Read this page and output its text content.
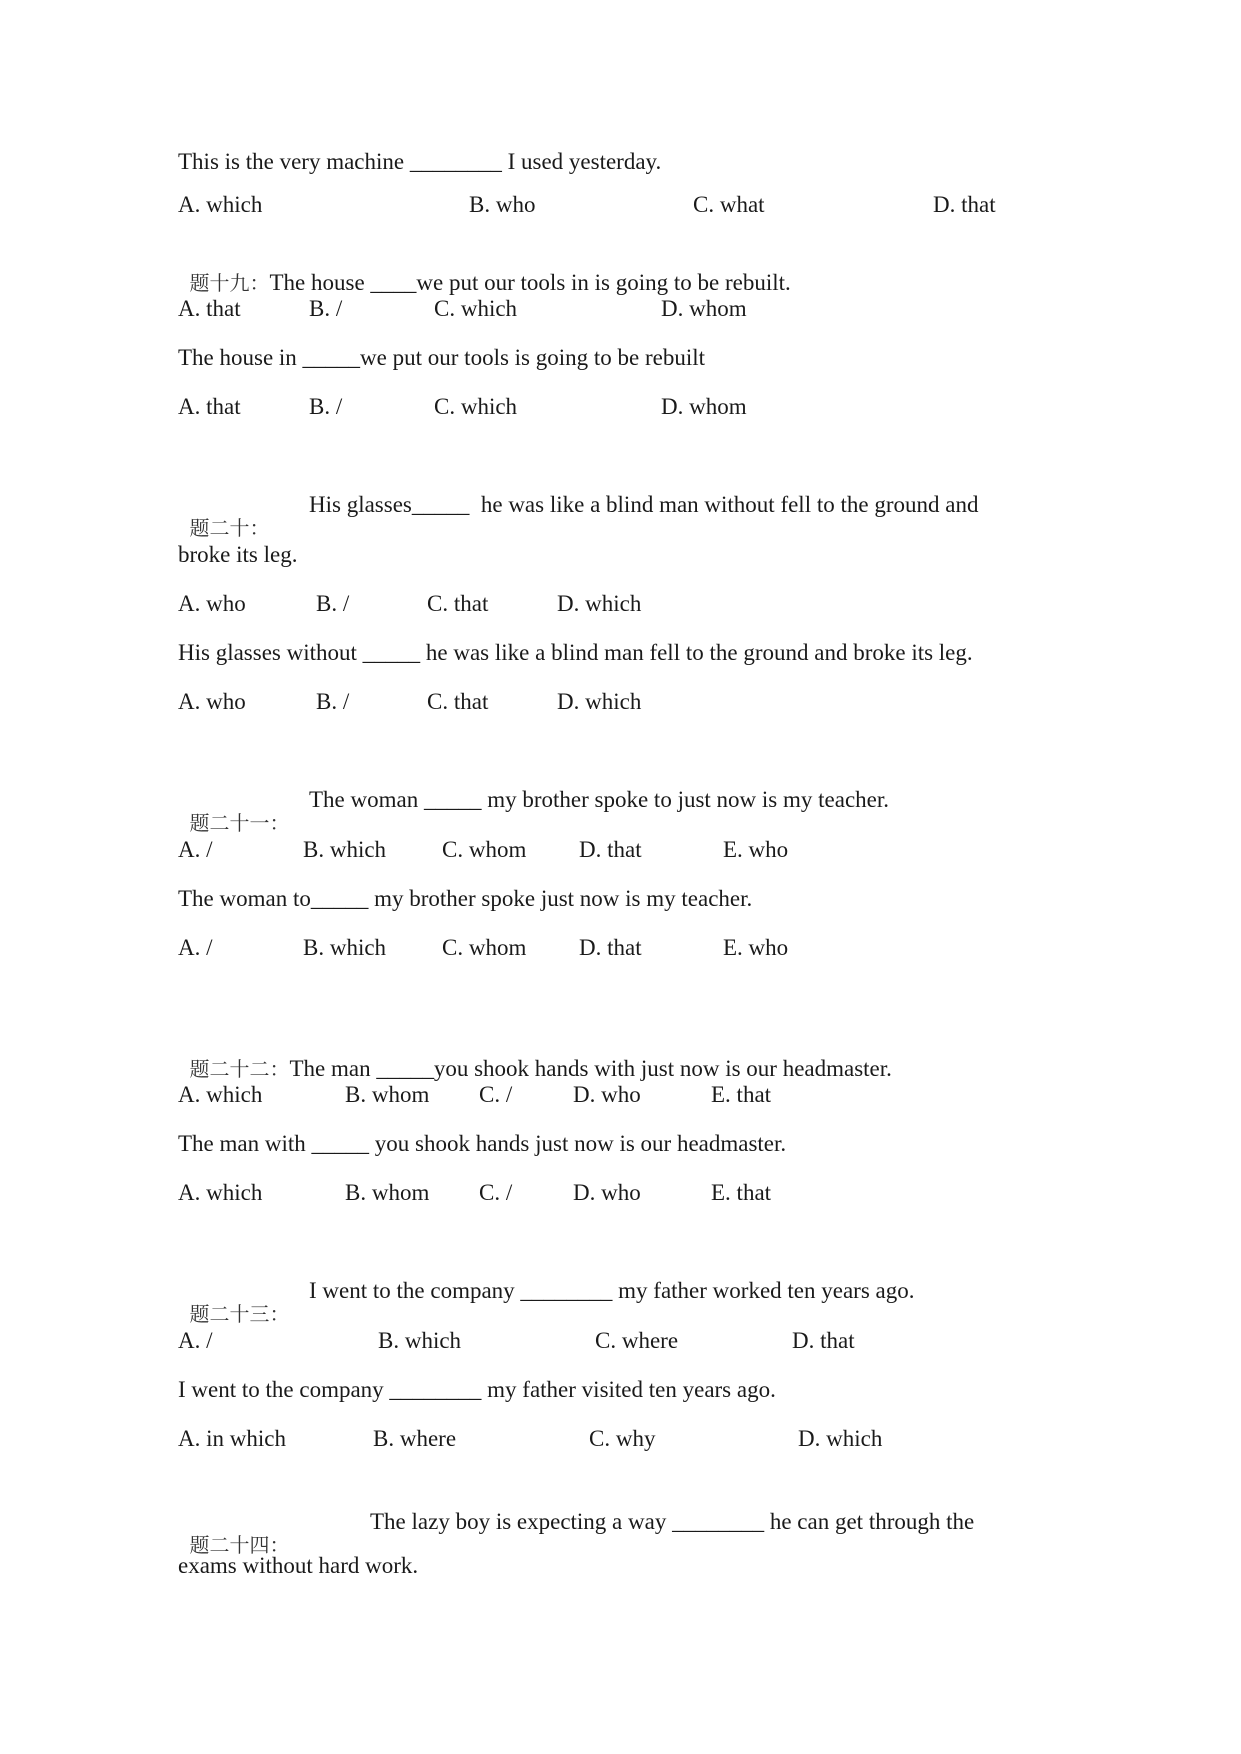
This is the very machine ________ I used yesterday.
A. which	B. who	C. what	D. that

题十九：The house ____we put our tools in is going to be rebuilt.

A. that	B. /	C. which	D. whom
The house in _____we put our tools is going to be rebuilt
A. that	B. /	C. which	D. whom

题二十：

His glasses_____  he was like a blind man without fell to the ground and
broke its leg.
A. who	B. /	C. that	D. which
His glasses without _____ he was like a blind man fell to the ground and broke its leg.
A. who	B. /	C. that	D. which

题二十一：

The woman _____ my brother spoke to just now is my teacher.
A. /	B. which C. whom D. that	E. who
The woman to_____ my brother spoke just now is my teacher.
A. /	B. which C. whom D. that	E. who

题二十二：The man _____you shook hands with just now is our headmaster.

A. which	B. whom C. /	D. who	E. that
The man with _____ you shook hands just now is our headmaster.
A. which	B. whom C. /	D. who	E. that

题二十三：

I went to the company ________ my father worked ten years ago.
A. /	B. which	C. where	D. that
I went to the company ________ my father visited ten years ago.
A. in which	B. where	C. why	D. which

题二十四：

The lazy boy is expecting a way ________ he can get through the
exams without hard work.
